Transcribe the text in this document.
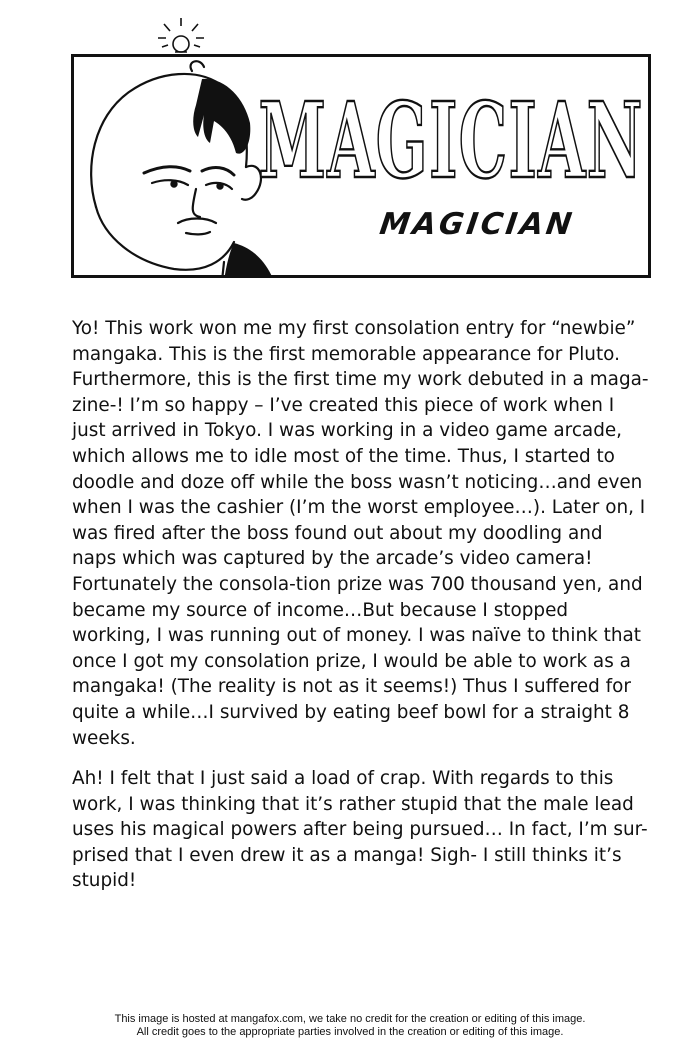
MAGICIAN
MAGICIAN

Yo! This work won me my first consolation entry for “newbie” mangaka. This is the first memorable appearance for Pluto. Furthermore, this is the first time my work debuted in a maga-zine-! I’m so happy – I’ve created this piece of work when I just arrived in Tokyo. I was working in a video game arcade, which allows me to idle most of the time. Thus, I started to doodle and doze off while the boss wasn’t noticing…and even when I was the cashier (I’m the worst employee…). Later on, I was fired after the boss found out about my doodling and naps which was captured by the arcade’s video camera! Fortunately the consola-tion prize was 700 thousand yen, and became my source of income…But because I stopped working, I was running out of money. I was naïve to think that once I got my consolation prize, I would be able to work as a mangaka! (The reality is not as it seems!) Thus I suffered for quite a while…I survived by eating beef bowl for a straight 8 weeks.

Ah! I felt that I just said a load of crap. With regards to this work, I was thinking that it’s rather stupid that the male lead uses his magical powers after being pursued… In fact, I’m sur-prised that I even drew it as a manga! Sigh- I still thinks it’s stupid!

This image is hosted at mangafox.com, we take no credit for the creation or editing of this image.
All credit goes to the appropriate parties involved in the creation or editing of this image.
